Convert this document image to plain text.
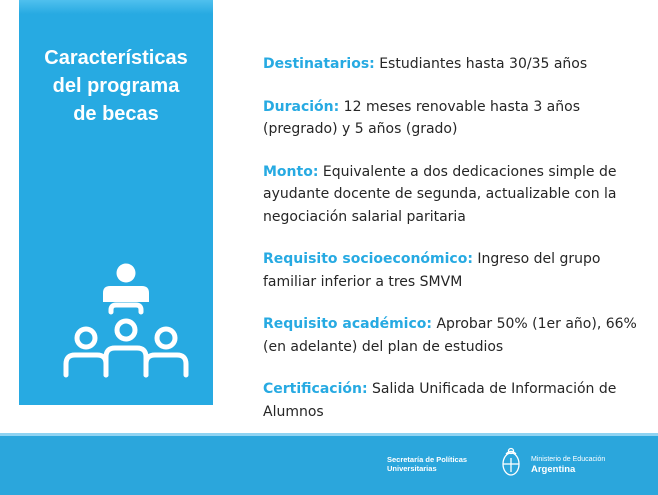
Características
del programa
de becas
Destinatarios: Estudiantes hasta 30/35 años
Duración: 12 meses renovable hasta 3 años (pregrado) y 5 años (grado)
Monto: Equivalente a dos dedicaciones simple de ayudante docente de segunda, actualizable con la negociación salarial paritaria
Requisito socioeconómico: Ingreso del grupo familiar inferior a tres SMVM
Requisito académico: Aprobar 50% (1er año), 66% (en adelante) del plan de estudios
Certificación: Salida Unificada de Información de Alumnos
Secretaría de Políticas
Universitarias
Ministerio de Educación
Argentina
